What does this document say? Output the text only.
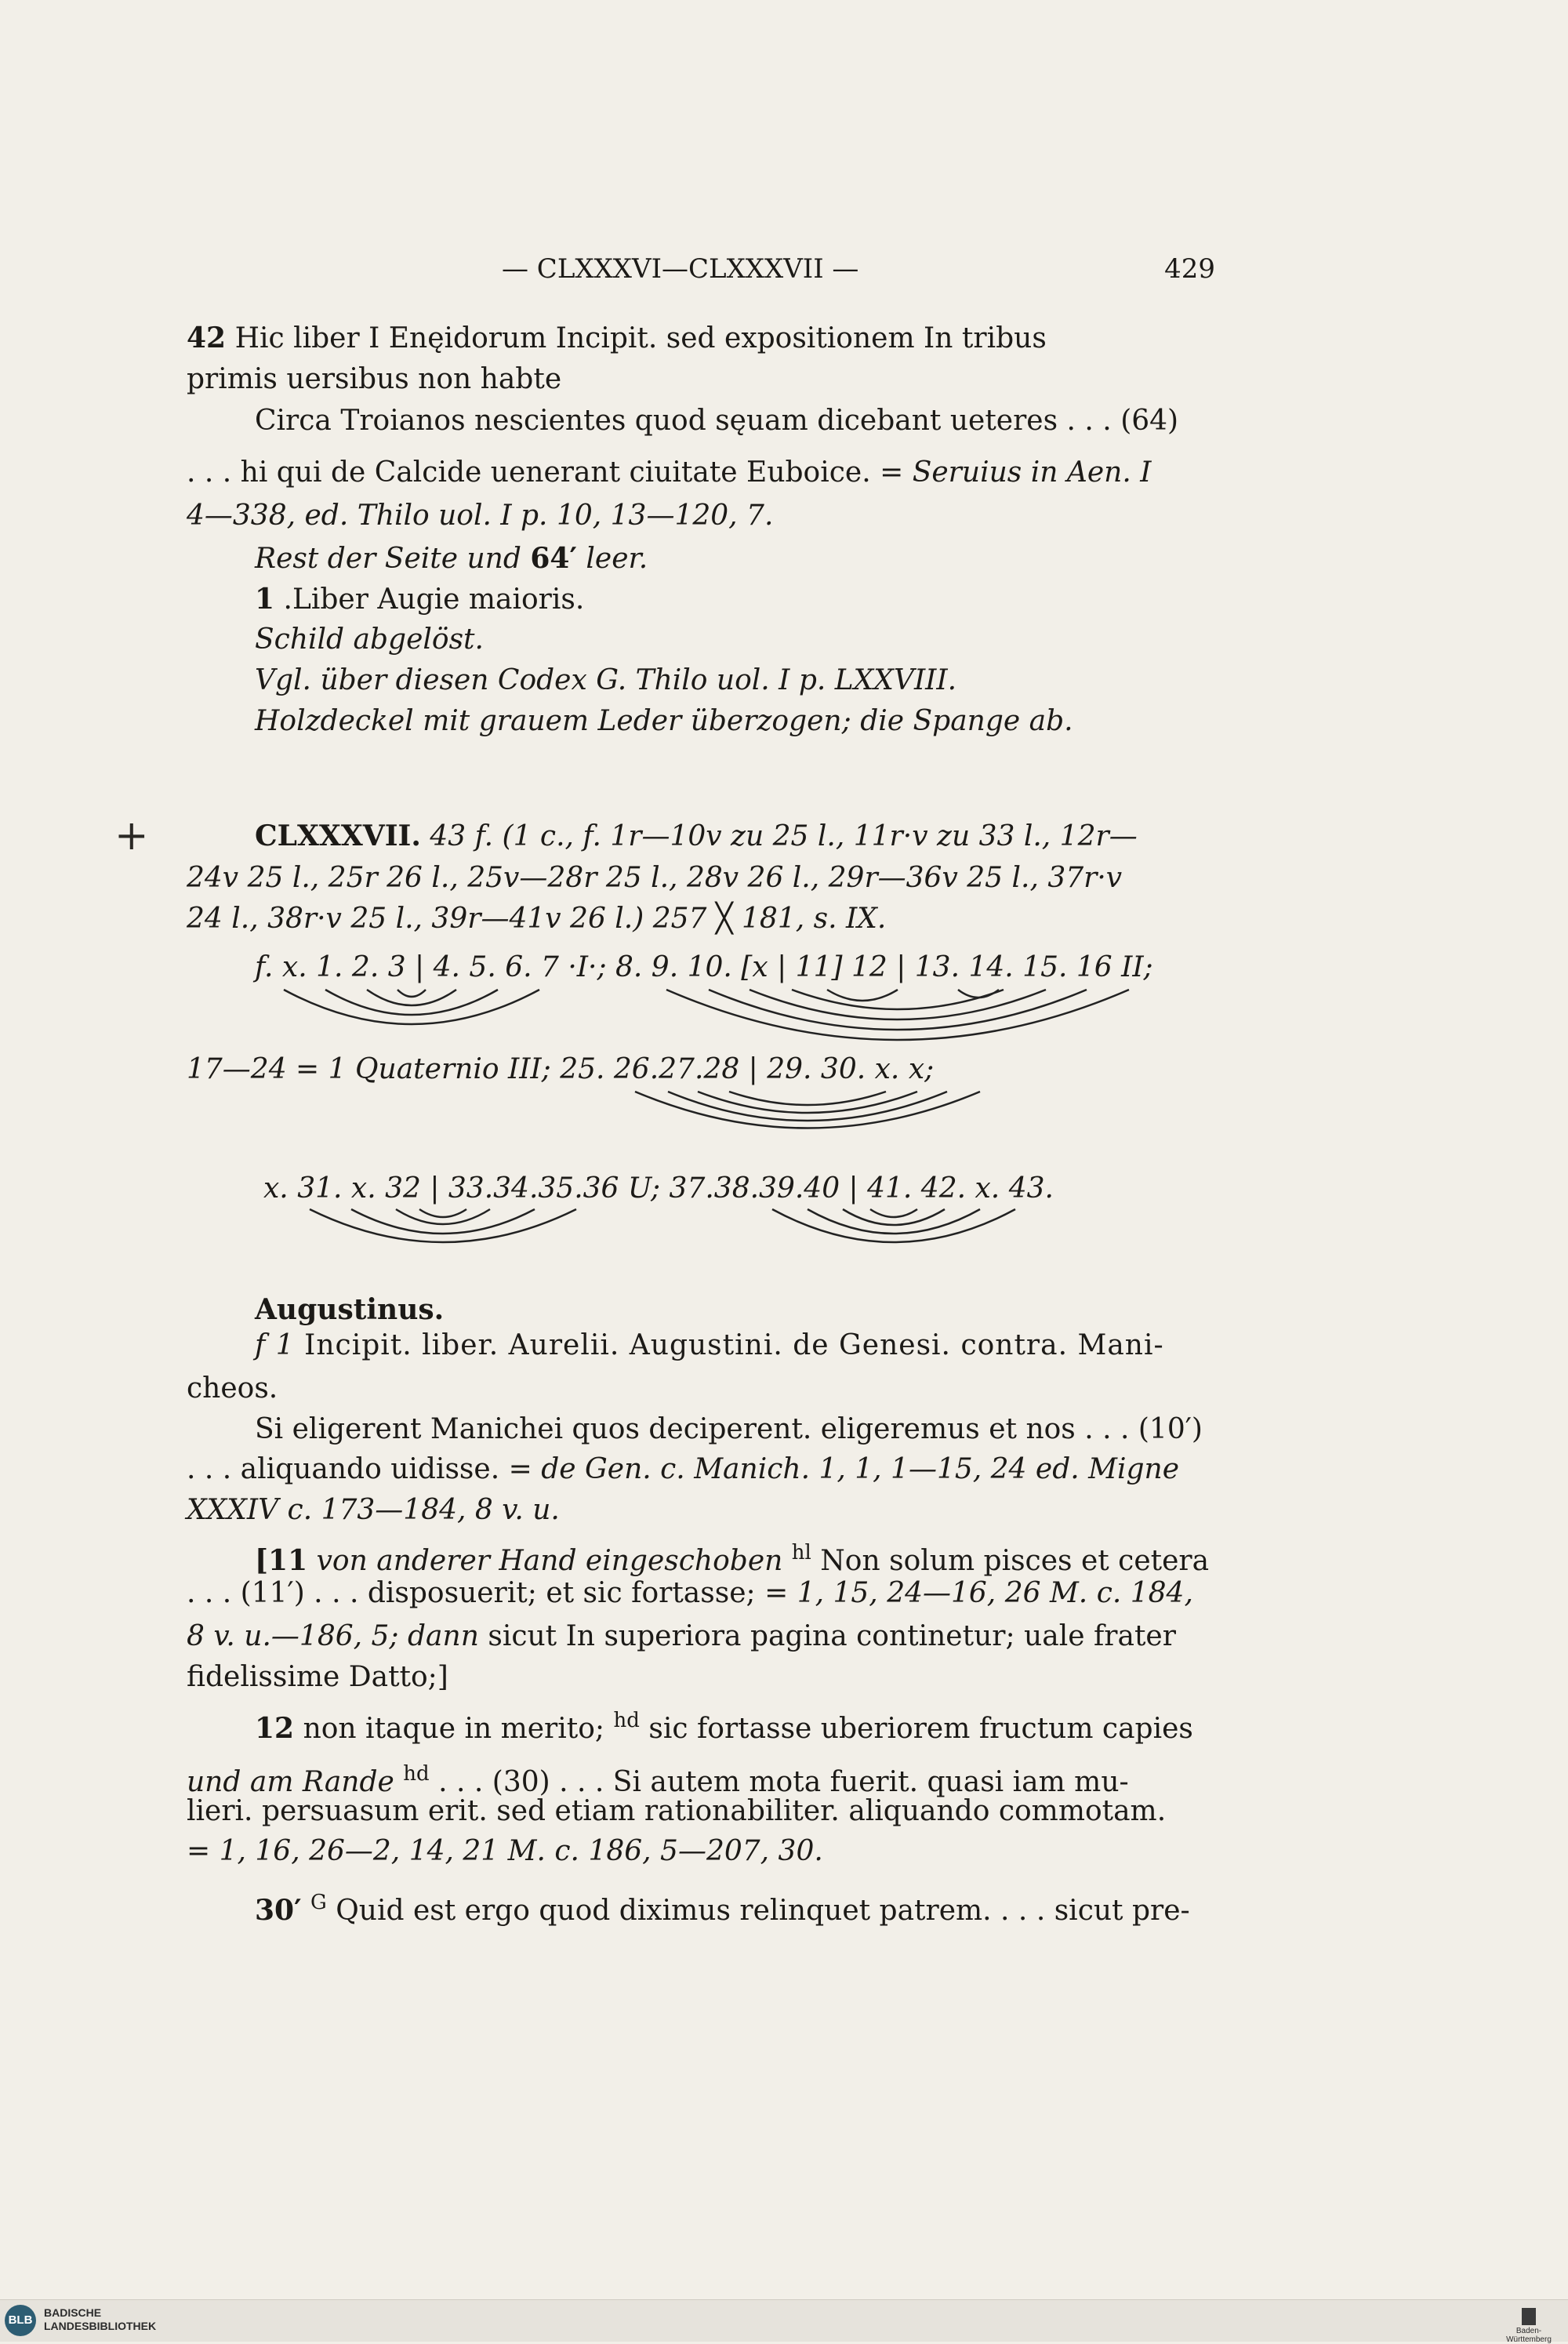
— CLXXXVI—CLXXXVII —	429
+
42 Hic liber I Enęidorum Incipit. sed expositionem In tribus
primis uersibus non habte
Circa Troianos nescientes quod sęuam dicebant ueteres . . . (64)
. . . hi qui de Calcide uenerant ciuitate Euboice. = Seruius in Aen. I
4—338, ed. Thilo uol. I p. 10, 13—120, 7.
Rest der Seite und 64′ leer.
1 .Liber Augie maioris.
Schild abgelöst.
Vgl. über diesen Codex G. Thilo uol. I p. LXXVIII.
Holzdeckel mit grauem Leder überzogen; die Spange ab.
CLXXXVII. 43 f. (1 c., f. 1r—10v zu 25 l., 11r·v zu 33 l., 12r—
24v 25 l., 25r 26 l., 25v—28r 25 l., 28v 26 l., 29r—36v 25 l., 37r·v
24 l., 38r·v 25 l., 39r—41v 26 l.) 257 ╳ 181, s. IX.
f. x. 1. 2. 3 | 4. 5. 6. 7 ·I·; 8. 9. 10. [x | 11] 12 | 13. 14. 15. 16 II;
17—24 = 1 Quaternio III; 25. 26.27.28 | 29. 30. x. x;
x. 31. x. 32 | 33.34.35.36 U; 37.38.39.40 | 41. 42. x. 43.
Augustinus.
f 1 Incipit. liber. Aurelii. Augustini. de Genesi. contra. Mani-
cheos.
Si eligerent Manichei quos deciperent. eligeremus et nos . . . (10′)
. . . aliquando uidisse. = de Gen. c. Manich. 1, 1, 1—15, 24 ed. Migne
XXXIV c. 173—184, 8 v. u.
[11 von anderer Hand eingeschoben $^{hl}$ Non solum pisces et cetera
. . . (11′) . . . disposuerit; et sic fortasse; = 1, 15, 24—16, 26 M. c. 184,
8 v. u.—186, 5; dann sicut In superiora pagina continetur; uale frater
fidelissime Datto;]
12 non itaque in merito; $^{hd}$ sic fortasse uberiorem fructum capies
und am Rande $^{hd}$ . . . (30) . . . Si autem mota fuerit. quasi iam mu-
lieri. persuasum erit. sed etiam rationabiliter. aliquando commotam.
= 1, 16, 26—2, 14, 21 M. c. 186, 5—207, 30.
30′ $^G$ Quid est ergo quod diximus relinquet patrem. . . . sicut pre-
BLB
BADISCHE
LANDESBIBLIOTHEK	Baden-Württemberg
